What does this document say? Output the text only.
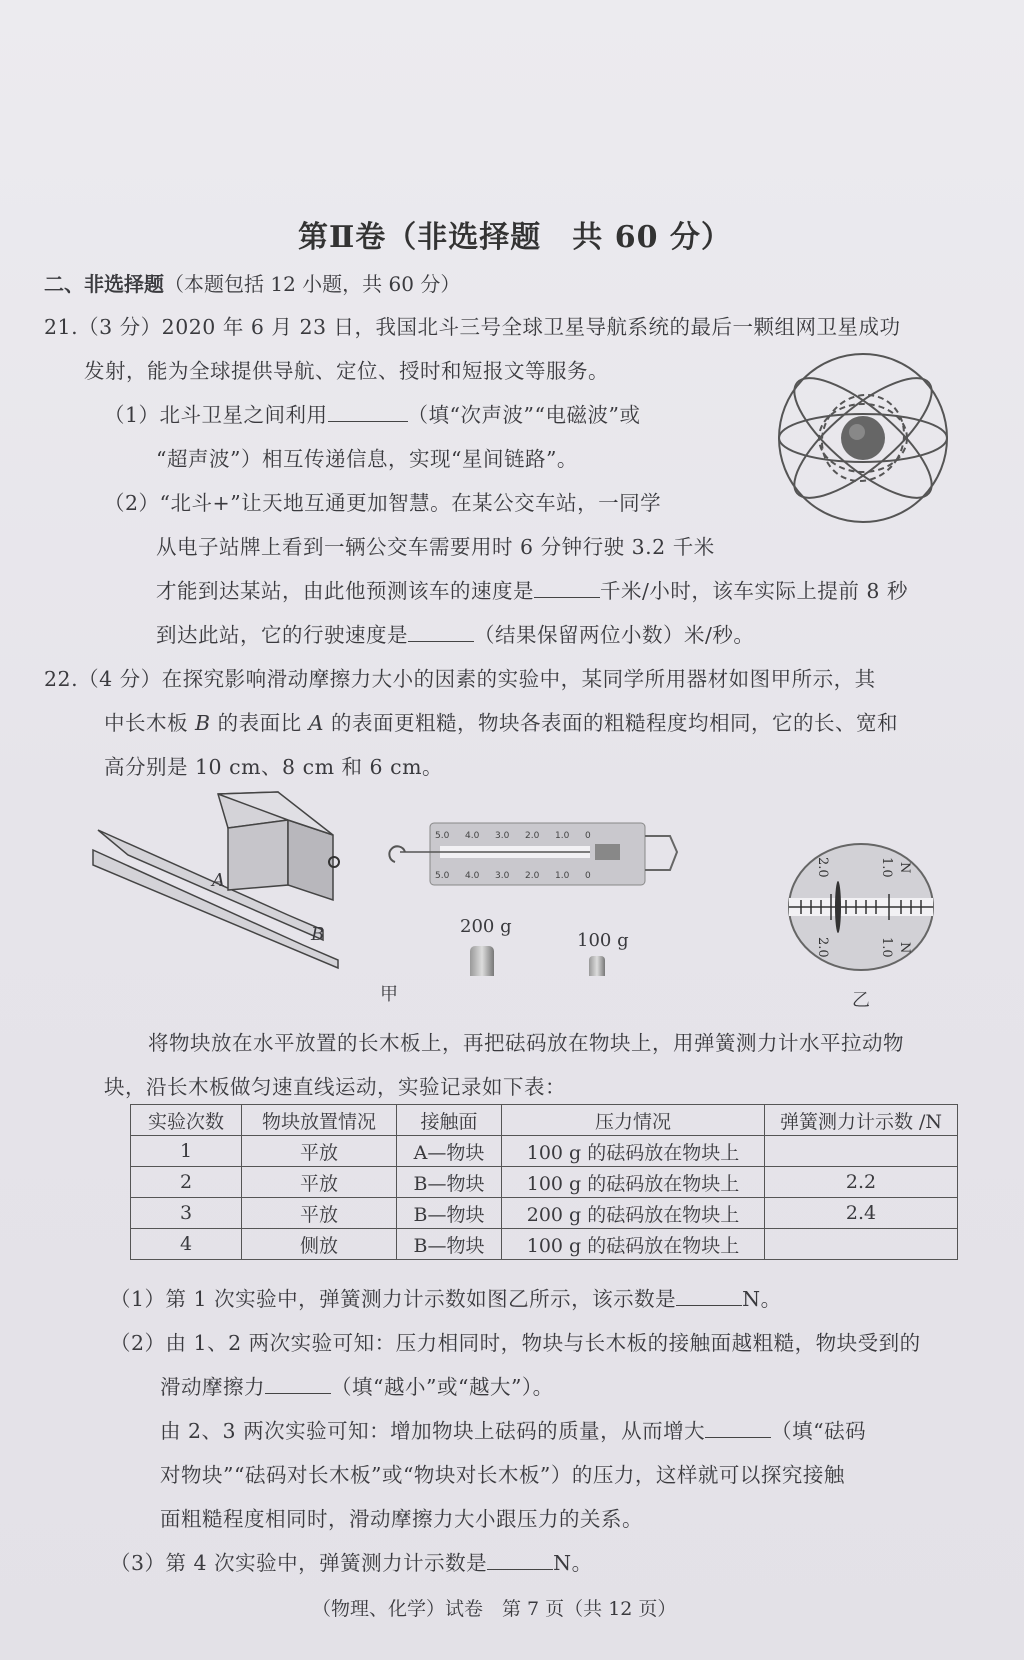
第Ⅱ卷（非选择题　共 60 分）
二、非选择题（本题包括 12 小题，共 60 分）
21.（3 分）2020 年 6 月 23 日，我国北斗三号全球卫星导航系统的最后一颗组网卫星成功
发射，能为全球提供导航、定位、授时和短报文等服务。
（1）北斗卫星之间利用	（填“次声波”“电磁波”或
“超声波”）相互传递信息，实现“星间链路”。
（2）“北斗+”让天地互通更加智慧。在某公交车站，一同学
从电子站牌上看到一辆公交车需要用时 6 分钟行驶 3.2 千米
才能到达某站，由此他预测该车的速度是	千米/小时，该车实际上提前 8 秒
到达此站，它的行驶速度是	（结果保留两位小数）米/秒。
22.（4 分）在探究影响滑动摩擦力大小的因素的实验中，某同学所用器材如图甲所示，其
中长木板 B 的表面比 A 的表面更粗糙，物块各表面的粗糙程度均相同，它的长、宽和
高分别是 10 cm、8 cm 和 6 cm。
A
B
5.0 4.0 3.0 2.0 1.0 0
5.0 4.0 3.0 2.0 1.0 0
200 g
100 g
甲
2.0	1.0
2.0	1.0
N
N
乙
将物块放在水平放置的长木板上，再把砝码放在物块上，用弹簧测力计水平拉动物
块，沿长木板做匀速直线运动，实验记录如下表：
实验次数	物块放置情况	接触面	压力情况	弹簧测力计示数 /N
1	平放	A—物块	100 g 的砝码放在物块上	
2	平放	B—物块	100 g 的砝码放在物块上	2.2
3	平放	B—物块	200 g 的砝码放在物块上	2.4
4	侧放	B—物块	100 g 的砝码放在物块上	
（1）第 1 次实验中，弹簧测力计示数如图乙所示，该示数是	N。
（2）由 1、2 两次实验可知：压力相同时，物块与长木板的接触面越粗糙，物块受到的
滑动摩擦力	（填“越小”或“越大”）。
由 2、3 两次实验可知：增加物块上砝码的质量，从而增大	（填“砝码
对物块”“砝码对长木板”或“物块对长木板”）的压力，这样就可以探究接触
面粗糙程度相同时，滑动摩擦力大小跟压力的关系。
（3）第 4 次实验中，弹簧测力计示数是	N。
（物理、化学）试卷　第 7 页（共 12 页）
